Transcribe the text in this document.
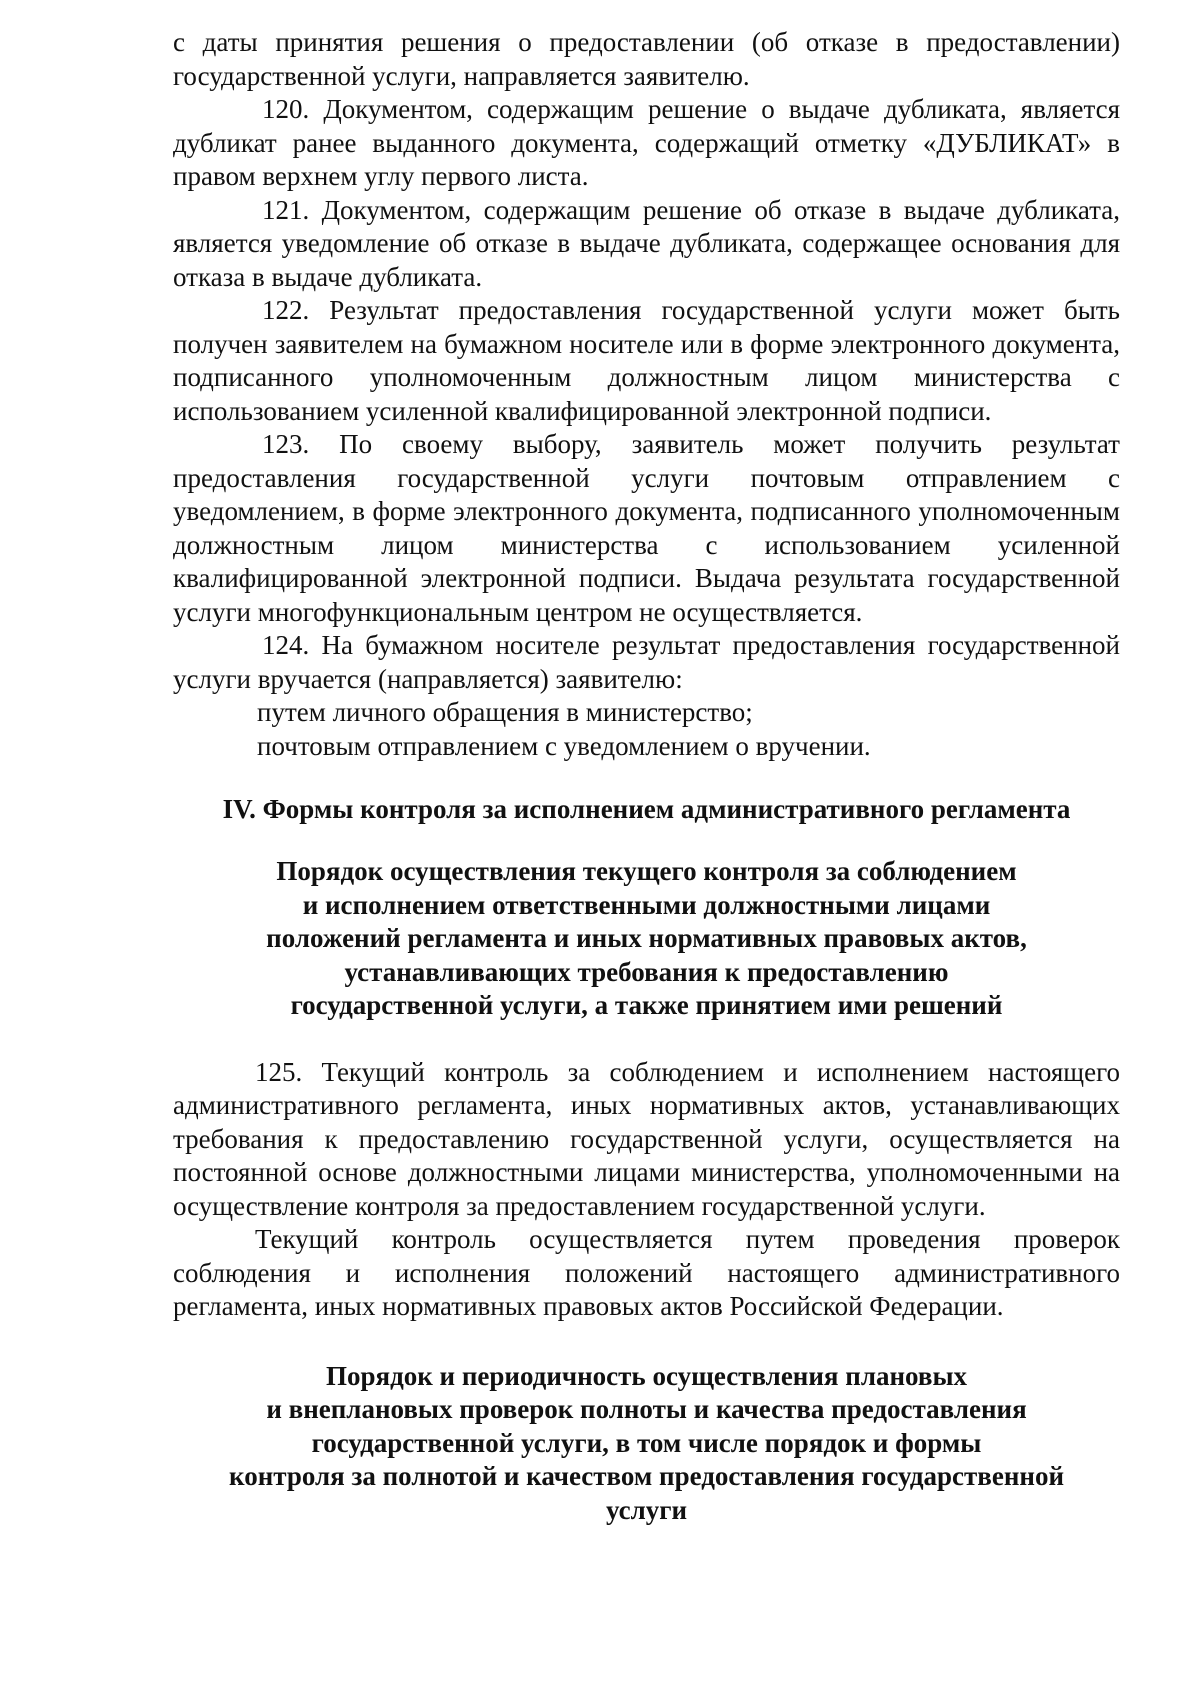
с даты принятия решения о предоставлении (об отказе в предоставлении) государственной услуги, направляется заявителю.

120. Документом, содержащим решение о выдаче дубликата, является дубликат ранее выданного документа, содержащий отметку «ДУБЛИКАТ» в правом верхнем углу первого листа.

121. Документом, содержащим решение об отказе в выдаче дубликата, является уведомление об отказе в выдаче дубликата, содержащее основания для отказа в выдаче дубликата.

122. Результат предоставления государственной услуги может быть получен заявителем на бумажном носителе или в форме электронного документа, подписанного уполномоченным должностным лицом министерства с использованием усиленной квалифицированной электронной подписи.

123. По своему выбору, заявитель может получить результат предоставления государственной услуги почтовым отправлением с уведомлением, в форме электронного документа, подписанного уполномоченным должностным лицом министерства с использованием усиленной квалифицированной электронной подписи. Выдача результата государственной услуги многофункциональным центром не осуществляется.

124. На бумажном носителе результат предоставления государственной услуги вручается (направляется) заявителю:

путем личного обращения в министерство;

почтовым отправлением с уведомлением о вручении.

IV. Формы контроля за исполнением административного регламента
Порядок осуществления текущего контроля за соблюдением
и исполнением ответственными должностными лицами
положений регламента и иных нормативных правовых актов,
устанавливающих требования к предоставлению
государственной услуги, а также принятием ими решений

125. Текущий контроль за соблюдением и исполнением настоящего административного регламента, иных нормативных актов, устанавливающих требования к предоставлению государственной услуги, осуществляется на постоянной основе должностными лицами министерства, уполномоченными на осуществление контроля за предоставлением государственной услуги.

Текущий контроль осуществляется путем проведения проверок соблюдения и исполнения положений настоящего административного регламента, иных нормативных правовых актов Российской Федерации.

Порядок и периодичность осуществления плановых
и внеплановых проверок полноты и качества предоставления
государственной услуги, в том числе порядок и формы
контроля за полнотой и качеством предоставления государственной
услуги
